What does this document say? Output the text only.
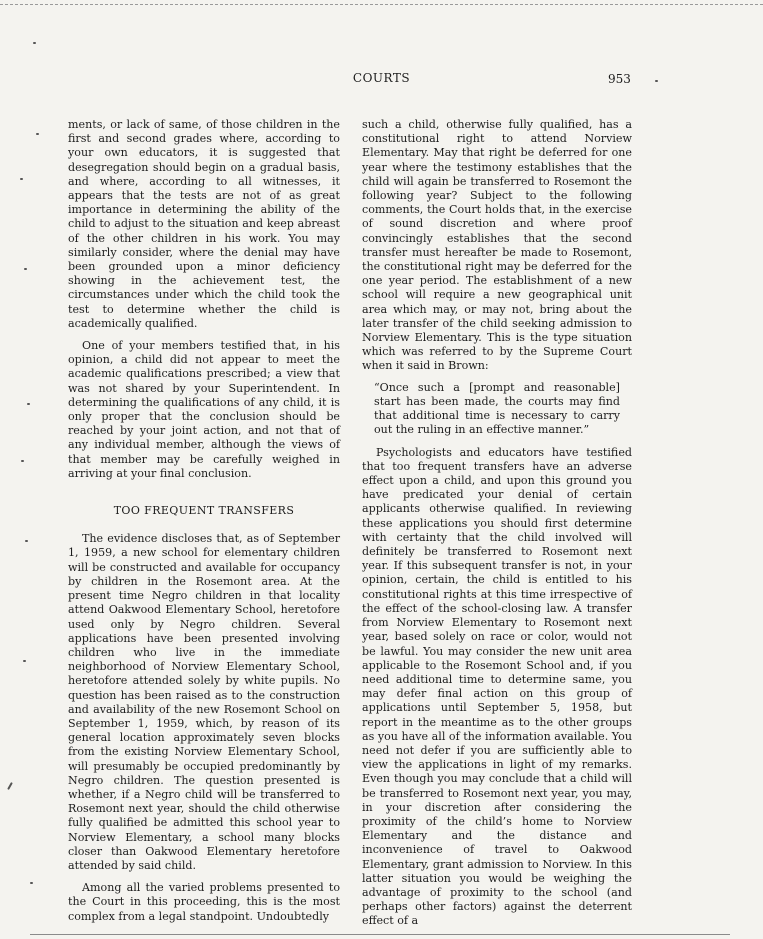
COURTS	953

ments, or lack of same, of those children in the first and second grades where, according to your own educators, it is suggested that desegregation should begin on a gradual basis, and where, according to all witnesses, it appears that the tests are not of as great importance in determining the ability of the child to adjust to the situation and keep abreast of the other children in his work. You may similarly consider, where the denial may have been grounded upon a minor deficiency showing in the achievement test, the circumstances under which the child took the test to determine whether the child is academically qualified.

One of your members testified that, in his opinion, a child did not appear to meet the academic qualifications prescribed; a view that was not shared by your Superintendent. In determining the qualifications of any child, it is only proper that the conclusion should be reached by your joint action, and not that of any individual member, although the views of that member may be carefully weighed in arriving at your final conclusion.

TOO FREQUENT TRANSFERS

The evidence discloses that, as of September 1, 1959, a new school for elementary children will be constructed and available for occupancy by children in the Rosemont area. At the present time Negro children in that locality attend Oakwood Elementary School, heretofore used only by Negro children. Several applications have been presented involving children who live in the immediate neighborhood of Norview Elementary School, heretofore attended solely by white pupils. No question has been raised as to the construction and availability of the new Rosemont School on September 1, 1959, which, by reason of its general location approximately seven blocks from the existing Norview Elementary School, will presumably be occupied predominantly by Negro children. The question presented is whether, if a Negro child will be transferred to Rosemont next year, should the child otherwise fully qualified be admitted this school year to Norview Elementary, a school many blocks closer than Oakwood Elementary heretofore attended by said child.

Among all the varied problems presented to the Court in this proceeding, this is the most complex from a legal standpoint. Undoubtedly

such a child, otherwise fully qualified, has a constitutional right to attend Norview Elementary. May that right be deferred for one year where the testimony establishes that the child will again be transferred to Rosemont the following year? Subject to the following comments, the Court holds that, in the exercise of sound discretion and where proof convincingly establishes that the second transfer must hereafter be made to Rosemont, the constitutional right may be deferred for the one year period. The establishment of a new school will require a new geographical unit area which may, or may not, bring about the later transfer of the child seeking admission to Norview Elementary. This is the type situation which was referred to by the Supreme Court when it said in Brown:

“Once such a [prompt and reasonable] start has been made, the courts may find that additional time is necessary to carry out the ruling in an effective manner.”

Psychologists and educators have testified that too frequent transfers have an adverse effect upon a child, and upon this ground you have predicated your denial of certain applicants otherwise qualified. In reviewing these applications you should first determine with certainty that the child involved will definitely be transferred to Rosemont next year. If this subsequent transfer is not, in your opinion, certain, the child is entitled to his constitutional rights at this time irrespective of the effect of the school-closing law. A transfer from Norview Elementary to Rosemont next year, based solely on race or color, would not be lawful. You may consider the new unit area applicable to the Rosemont School and, if you need additional time to determine same, you may defer final action on this group of applications until September 5, 1958, but report in the meantime as to the other groups as you have all of the information available. You need not defer if you are sufficiently able to view the applications in light of my remarks. Even though you may conclude that a child will be transferred to Rosemont next year, you may, in your discretion after considering the proximity of the child’s home to Norview Elementary and the distance and inconvenience of travel to Oakwood Elementary, grant admission to Norview. In this latter situation you would be weighing the advantage of proximity to the school (and perhaps other factors) against the deterrent effect of a
